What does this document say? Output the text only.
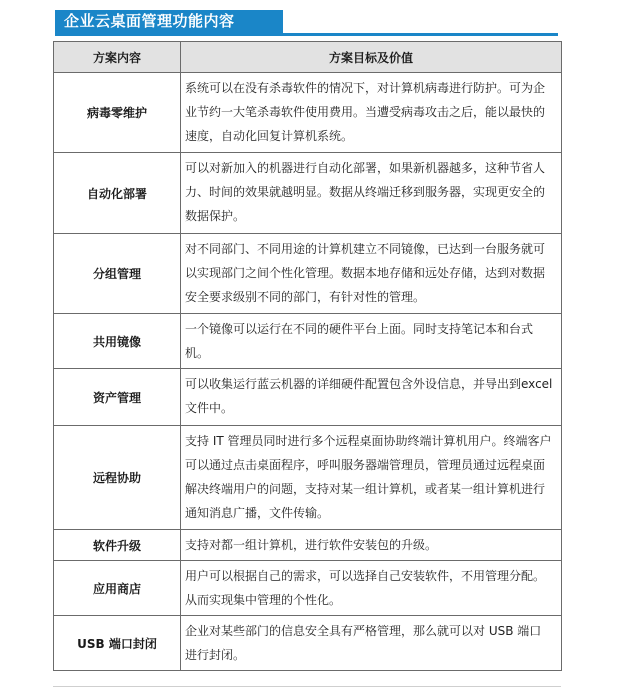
企业云桌面管理功能内容
方案内容	方案目标及价值
病毒零维护	系统可以在没有杀毒软件的情况下，对计算机病毒进行防护。可为企业节约一大笔杀毒软件使用费用。当遭受病毒攻击之后，能以最快的速度，自动化回复计算机系统。
自动化部署	可以对新加入的机器进行自动化部署，如果新机器越多，这种节省人力、时间的效果就越明显。数据从终端迁移到服务器，实现更安全的数据保护。
分组管理	对不同部门、不同用途的计算机建立不同镜像，已达到一台服务就可以实现部门之间个性化管理。数据本地存储和远处存储，达到对数据安全要求级别不同的部门，有针对性的管理。
共用镜像	一个镜像可以运行在不同的硬件平台上面。同时支持笔记本和台式机。
资产管理	可以收集运行蓝云机器的详细硬件配置包含外设信息，并导出到excel 文件中。
远程协助	支持 IT 管理员同时进行多个远程桌面协助终端计算机用户。终端客户可以通过点击桌面程序，呼叫服务器端管理员，管理员通过远程桌面解决终端用户的问题，支持对某一组计算机，或者某一组计算机进行通知消息广播，文件传输。
软件升级	支持对都一组计算机，进行软件安装包的升级。
应用商店	用户可以根据自己的需求，可以选择自己安装软件，不用管理分配。从而实现集中管理的个性化。
USB 端口封闭	企业对某些部门的信息安全具有严格管理，那么就可以对 USB 端口进行封闭。
